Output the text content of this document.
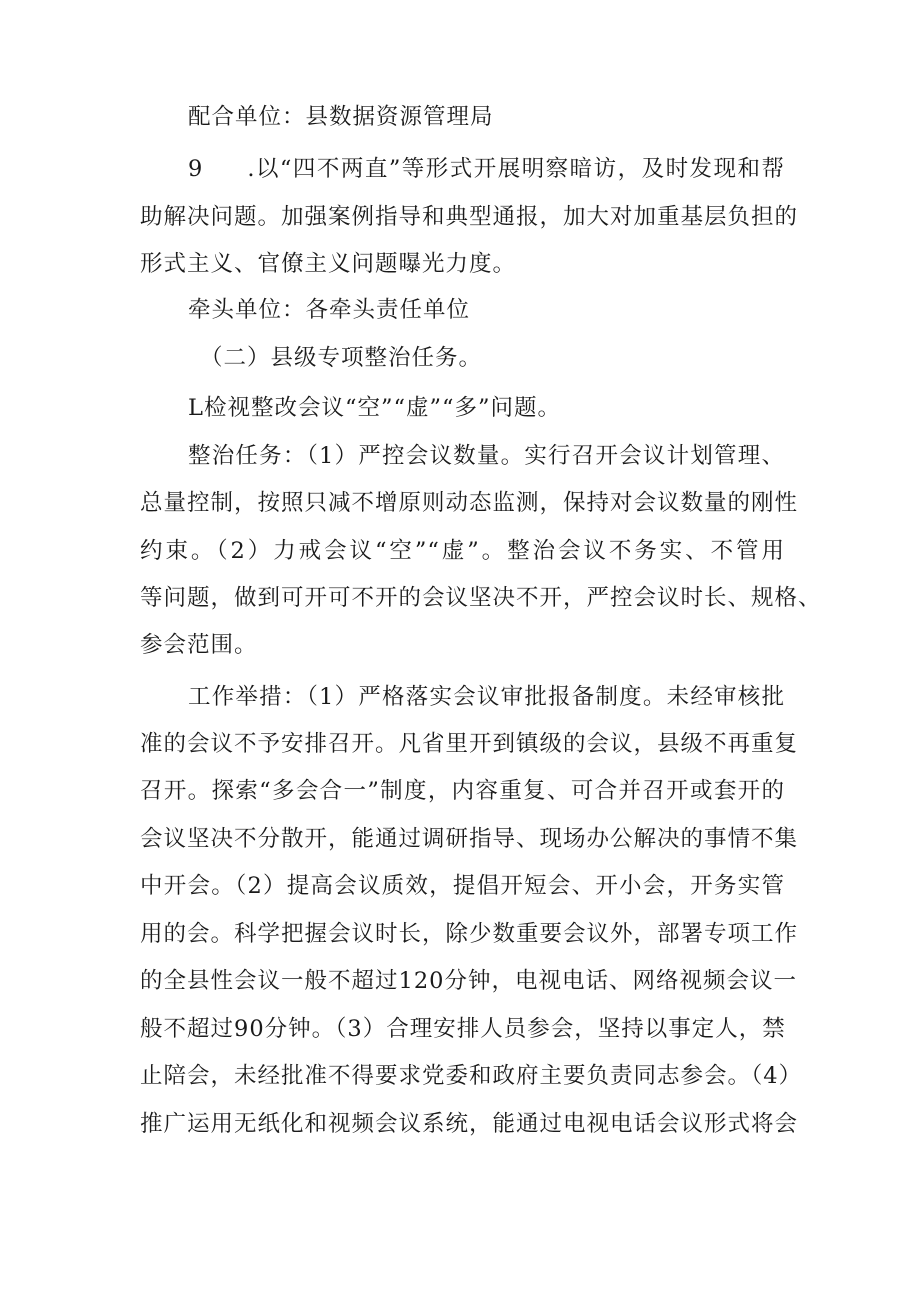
配合单位：县数据资源管理局
9 .以“四不两直”等形式开展明察暗访，及时发现和帮
助解决问题。加强案例指导和典型通报，加大对加重基层负担的
形式主义、官僚主义问题曝光力度。
牵头单位：各牵头责任单位
（二）县级专项整治任务。
L检视整改会议“空”“虚”“多”问题。
整治任务：（1）严控会议数量。实行召开会议计划管理、
总量控制，按照只减不增原则动态监测，保持对会议数量的刚性
约束。（2）力戒会议“空”“虚”。整治会议不务实、不管用
等问题，做到可开可不开的会议坚决不开，严控会议时长、规格、
参会范围。
工作举措：（1）严格落实会议审批报备制度。未经审核批
准的会议不予安排召开。凡省里开到镇级的会议，县级不再重复
召开。探索“多会合一”制度，内容重复、可合并召开或套开的
会议坚决不分散开，能通过调研指导、现场办公解决的事情不集
中开会。（2）提高会议质效，提倡开短会、开小会，开务实管
用的会。科学把握会议时长，除少数重要会议外，部署专项工作
的全县性会议一般不超过120分钟，电视电话、网络视频会议一
般不超过90分钟。（3）合理安排人员参会，坚持以事定人，禁
止陪会，未经批准不得要求党委和政府主要负责同志参会。（4）
推广运用无纸化和视频会议系统，能通过电视电话会议形式将会
